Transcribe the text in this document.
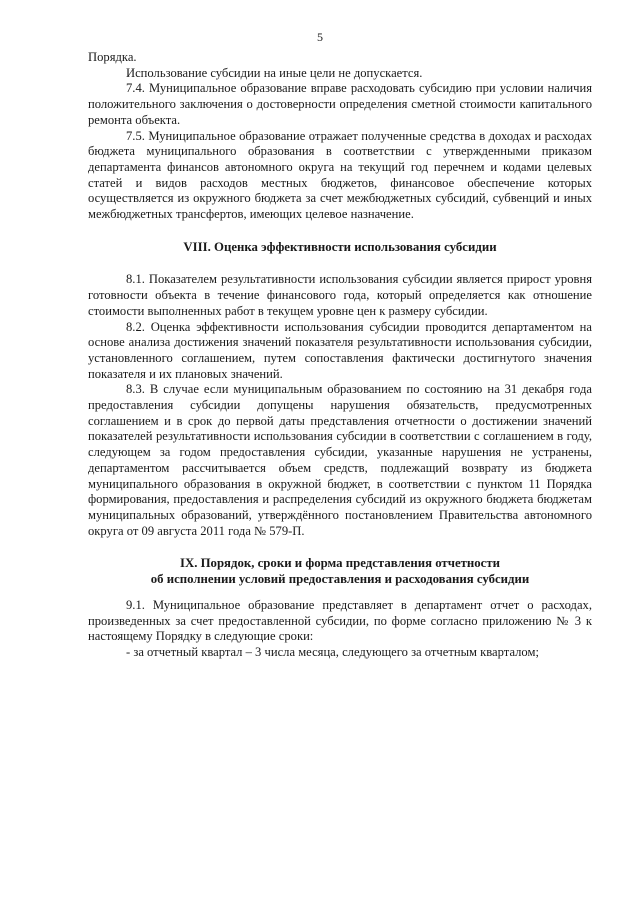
5

Порядка.

Использование субсидии на иные цели не допускается.

7.4. Муниципальное образование вправе расходовать субсидию при условии наличия положительного заключения о достоверности определения сметной стоимости капитального ремонта объекта.

7.5. Муниципальное образование отражает полученные средства в доходах и расходах бюджета муниципального образования в соответствии с утвержденными приказом департамента финансов автономного округа на текущий год перечнем и кодами целевых статей и видов расходов местных бюджетов, финансовое обеспечение которых осуществляется из окружного бюджета за счет межбюджетных субсидий, субвенций и иных межбюджетных трансфертов, имеющих целевое назначение.

VIII. Оценка эффективности использования субсидии

8.1. Показателем результативности использования субсидии является прирост уровня готовности объекта в течение финансового года, который определяется как отношение стоимости выполненных работ в текущем уровне цен к размеру субсидии.

8.2. Оценка эффективности использования субсидии проводится департаментом на основе анализа достижения значений показателя результативности использования субсидии, установленного соглашением, путем сопоставления фактически достигнутого значения показателя и их плановых значений.

8.3. В случае если муниципальным образованием по состоянию на 31 декабря года предоставления субсидии допущены нарушения обязательств, предусмотренных соглашением и в срок до первой даты представления отчетности о достижении значений показателей результативности использования субсидии в соответствии с соглашением в году, следующем за годом предоставления субсидии, указанные нарушения не устранены, департаментом рассчитывается объем средств, подлежащий возврату из бюджета муниципального образования в окружной бюджет, в соответствии с пунктом 11 Порядка формирования, предоставления и распределения субсидий из окружного бюджета бюджетам муниципальных образований, утверждённого постановлением Правительства автономного округа от 09 августа 2011 года № 579-П.

IX. Порядок, сроки и форма представления отчетности
об исполнении условий предоставления и расходования субсидии

9.1. Муниципальное образование представляет в департамент отчет о расходах, произведенных за счет предоставленной субсидии, по форме согласно приложению № 3 к настоящему Порядку в следующие сроки:

- за отчетный квартал – 3 числа месяца, следующего за отчетным кварталом;
